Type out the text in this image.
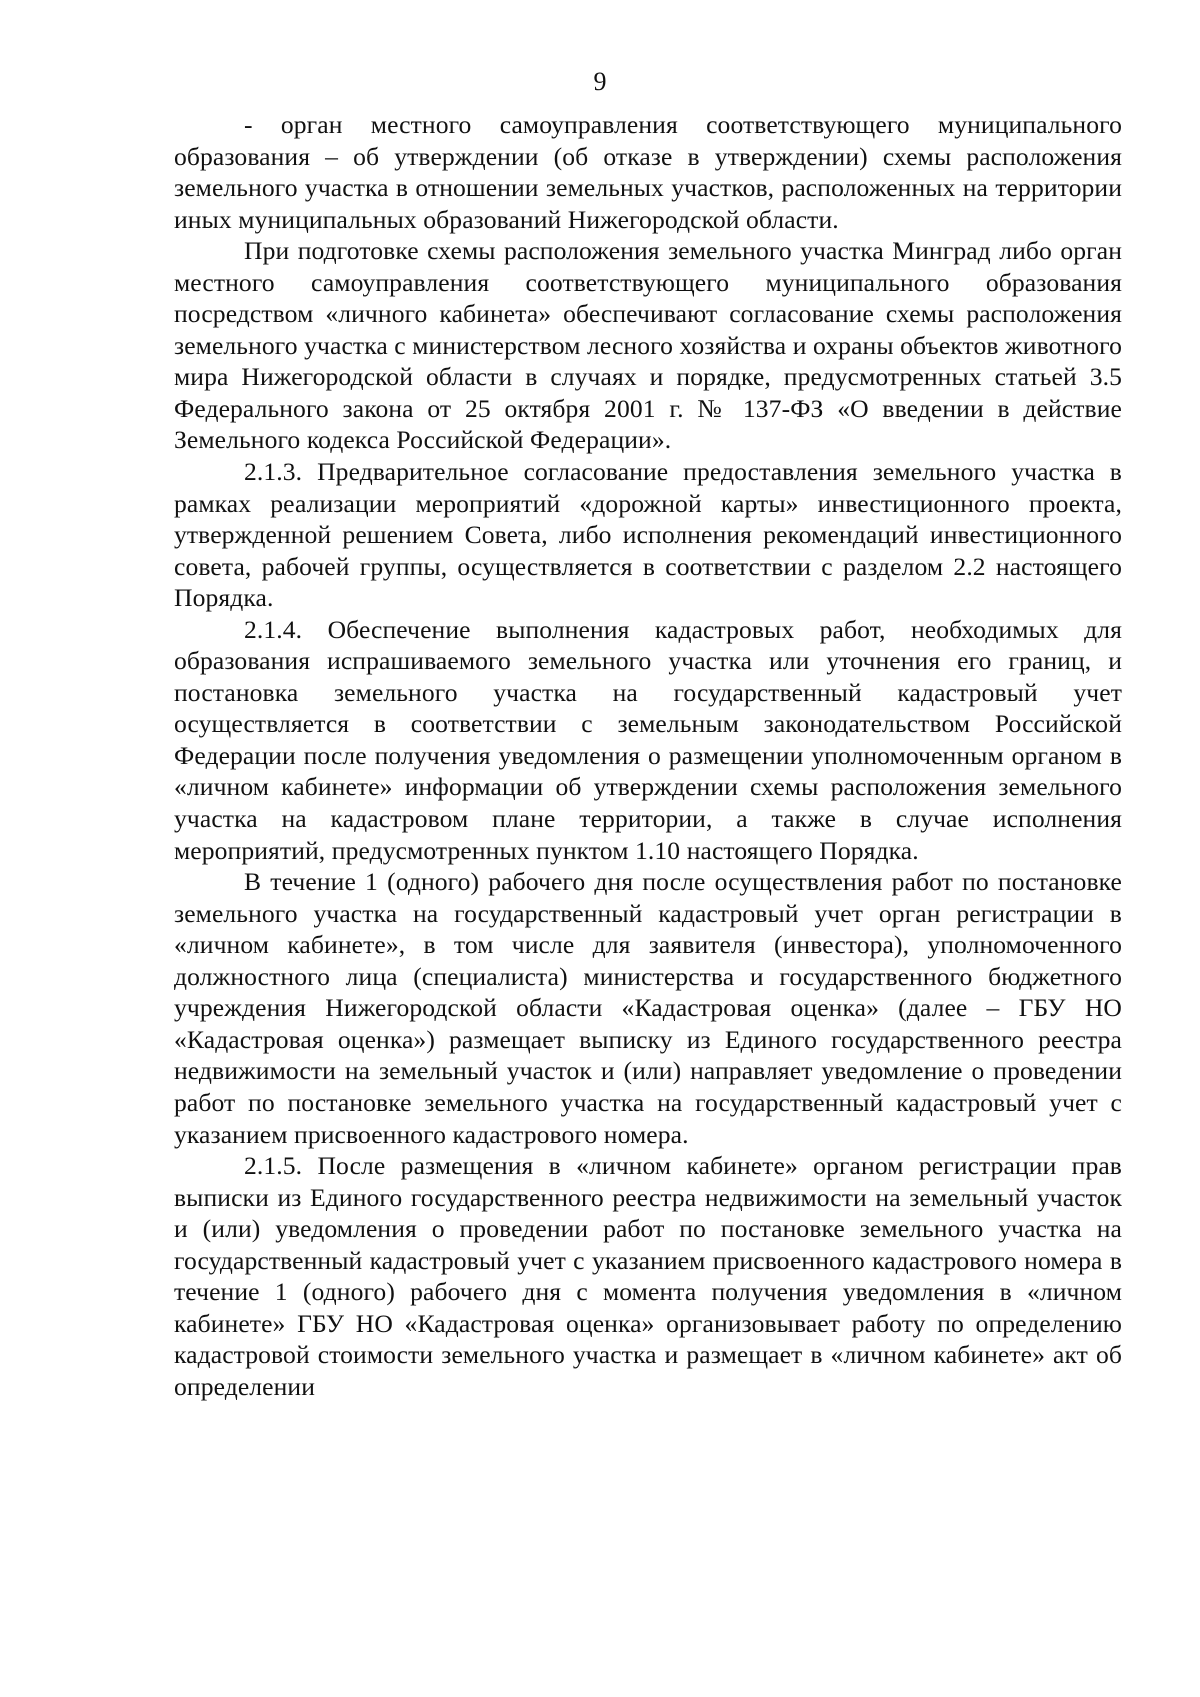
9

- орган местного самоуправления соответствующего муниципального образования – об утверждении (об отказе в утверждении) схемы расположения земельного участка в отношении земельных участков, расположенных на территории иных муниципальных образований Нижегородской области.

При подготовке схемы расположения земельного участка Минград либо орган местного самоуправления соответствующего муниципального образования посредством «личного кабинета» обеспечивают согласование схемы расположения земельного участка с министерством лесного хозяйства и охраны объектов животного мира Нижегородской области в случаях и порядке, предусмотренных статьей 3.5 Федерального закона от 25 октября 2001 г. № 137-ФЗ «О введении в действие Земельного кодекса Российской Федерации».

2.1.3. Предварительное согласование предоставления земельного участка в рамках реализации мероприятий «дорожной карты» инвестиционного проекта, утвержденной решением Совета, либо исполнения рекомендаций инвестиционного совета, рабочей группы, осуществляется в соответствии с разделом 2.2 настоящего Порядка.

2.1.4. Обеспечение выполнения кадастровых работ, необходимых для образования испрашиваемого земельного участка или уточнения его границ, и постановка земельного участка на государственный кадастровый учет осуществляется в соответствии с земельным законодательством Российской Федерации после получения уведомления о размещении уполномоченным органом в «личном кабинете» информации об утверждении схемы расположения земельного участка на кадастровом плане территории, а также в случае исполнения мероприятий, предусмотренных пунктом 1.10 настоящего Порядка.

В течение 1 (одного) рабочего дня после осуществления работ по постановке земельного участка на государственный кадастровый учет орган регистрации в «личном кабинете», в том числе для заявителя (инвестора), уполномоченного должностного лица (специалиста) министерства и государственного бюджетного учреждения Нижегородской области «Кадастровая оценка» (далее – ГБУ НО «Кадастровая оценка») размещает выписку из Единого государственного реестра недвижимости на земельный участок и (или) направляет уведомление о проведении работ по постановке земельного участка на государственный кадастровый учет с указанием присвоенного кадастрового номера.

2.1.5. После размещения в «личном кабинете» органом регистрации прав выписки из Единого государственного реестра недвижимости на земельный участок и (или) уведомления о проведении работ по постановке земельного участка на государственный кадастровый учет с указанием присвоенного кадастрового номера в течение 1 (одного) рабочего дня с момента получения уведомления в «личном кабинете» ГБУ НО «Кадастровая оценка» организовывает работу по определению кадастровой стоимости земельного участка и размещает в «личном кабинете» акт об определении
